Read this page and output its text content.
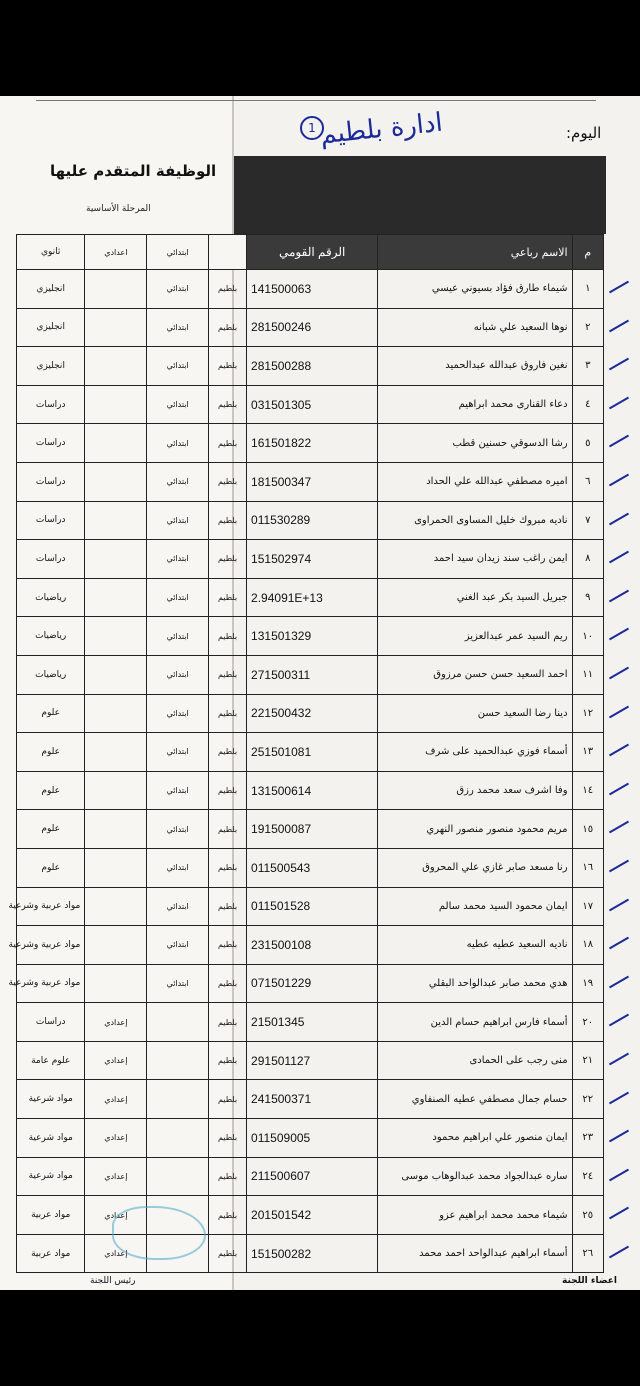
اليوم:
ادارة بلطيم
1
الوظيفة المتقدم عليها
المرحلة الأساسية
م	الاسم رباعي	الرقم القومي		ابتدائي	اعدادي	ثانوي
١	شيماء طارق فؤاد بسيوني عيسي	141500063	بلطيم	ابتدائي		انجليزي
٢	نوها السعيد علي شبانه	281500246	بلطيم	ابتدائي		انجليزي
٣	نغين فاروق عبدالله عبدالحميد	281500288	بلطيم	ابتدائي		انجليزي
٤	دعاء القنارى محمد ابراهيم	031501305	بلطيم	ابتدائي		دراسات
٥	رشا الدسوقي حسنين قطب	161501822	بلطيم	ابتدائي		دراسات
٦	اميره مصطفي عبدالله علي الحداد	181500347	بلطيم	ابتدائي		دراسات
٧	ناديه مبروك خليل المساوى الحمراوى	011530289	بلطيم	ابتدائي		دراسات
٨	ايمن راغب سند زيدان سيد احمد	151502974	بلطيم	ابتدائي		دراسات
٩	جبريل السيد بكر عبد الغني	2.94091E+13	بلطيم	ابتدائي		رياضيات
١٠	ريم السيد عمر عبدالعزيز	131501329	بلطيم	ابتدائي		رياضيات
١١	احمد السعيد حسن حسن مرزوق	271500311	بلطيم	ابتدائي		رياضيات
١٢	دينا رضا السعيد حسن	221500432	بلطيم	ابتدائي		علوم
١٣	أسماء فوزي عبدالحميد على شرف	251501081	بلطيم	ابتدائي		علوم
١٤	وفا اشرف سعد محمد رزق	131500614	بلطيم	ابتدائي		علوم
١٥	مريم محمود منصور منصور النهري	191500087	بلطيم	ابتدائي		علوم
١٦	رنا مسعد صابر غازي علي المحروق	011500543	بلطيم	ابتدائي		علوم
١٧	ايمان محمود السيد محمد سالم	011501528	بلطيم	ابتدائي		مواد عربية وشرعية
١٨	ناديه السعيد عطيه عطيه	231500108	بلطيم	ابتدائي		مواد عربية وشرعية
١٩	هدي محمد صابر عبدالواحد البقلي	071501229	بلطيم	ابتدائي		مواد عربية وشرعية
٢٠	أسماء فارس ابراهيم حسام الدين	21501345	بلطيم		إعدادي	دراسات
٢١	منى رجب على الحمادى	291501127	بلطيم		إعدادي	علوم عامة
٢٢	حسام جمال مصطفي عطيه الصنفاوي	241500371	بلطيم		إعدادي	مواد شرعية
٢٣	ايمان منصور علي ابراهيم محمود	011509005	بلطيم		إعدادي	مواد شرعية
٢٤	ساره عبدالجواد محمد عبدالوهاب موسى	211500607	بلطيم		إعدادي	مواد شرعية
٢٥	شيماء محمد محمد ابراهيم عزو	201501542	بلطيم		إعدادي	مواد عربية
٢٦	أسماء ابراهيم عبدالواحد احمد محمد	151500282	بلطيم		إعدادي	مواد عربية
اعضاء اللجنة
رئيس اللجنة
